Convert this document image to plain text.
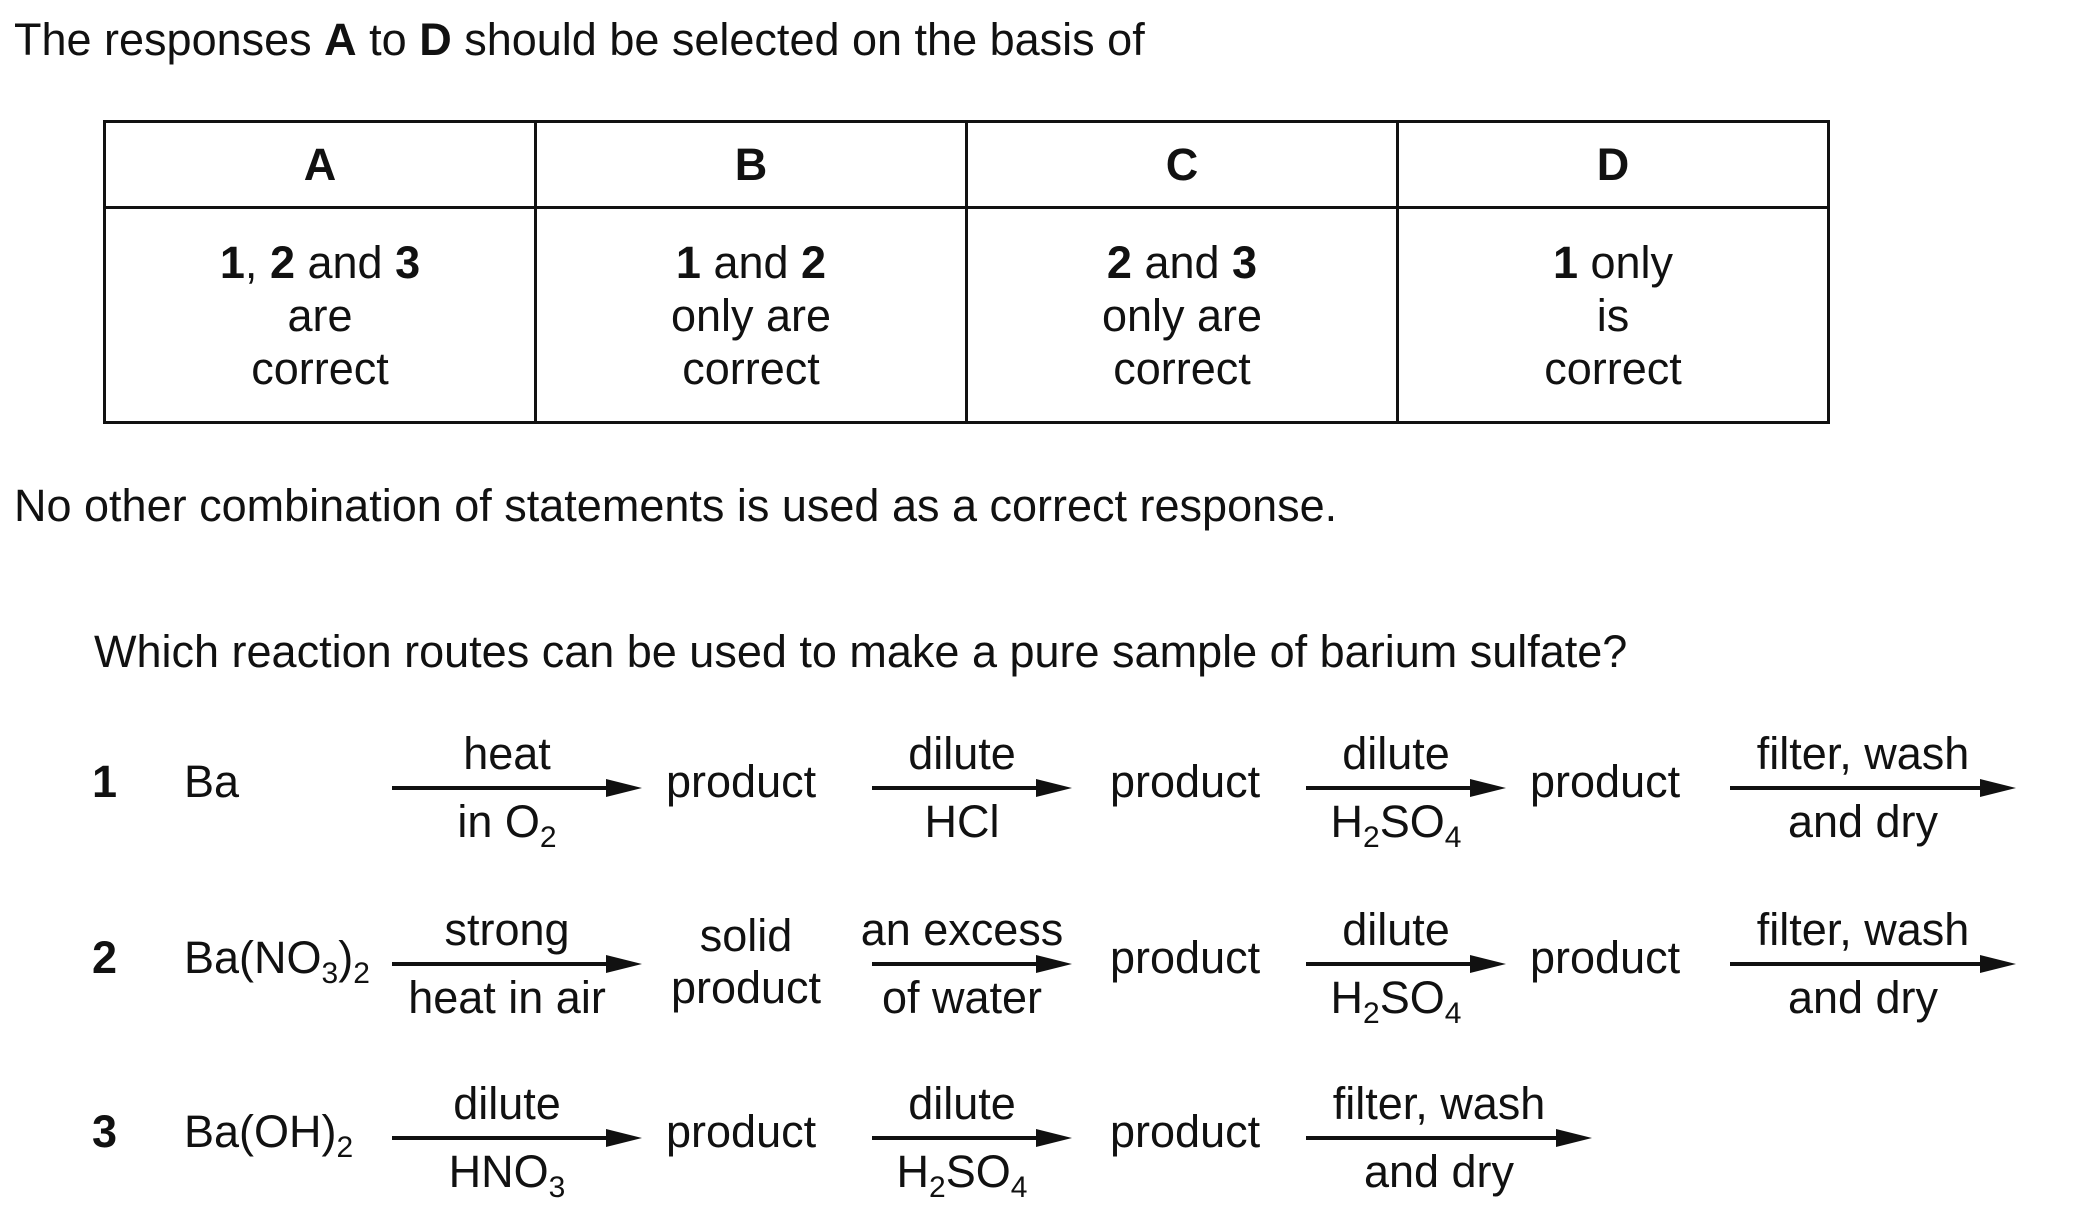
The responses A to D should be selected on the basis of
A	B	C	D
1, 2 and 3
are
correct	1 and 2
only are
correct	2 and 3
only are
correct	1 only
is
correct
No other combination of statements is used as a correct response.
Which reaction routes can be used to make a pure sample of barium sulfate?
1 Ba
heat
in $O_2$
product
dilute
HCl
product
dilute
$H_2SO_4$
product
filter, wash
and dry
2 $Ba(NO_3)_2$
strong
heat in air
solid
product
an excess
of water
product
dilute
$H_2SO_4$
product
filter, wash
and dry
3 $Ba(OH)_2$
dilute
$HNO_3$
product
dilute
$H_2SO_4$
product
filter, wash
and dry
